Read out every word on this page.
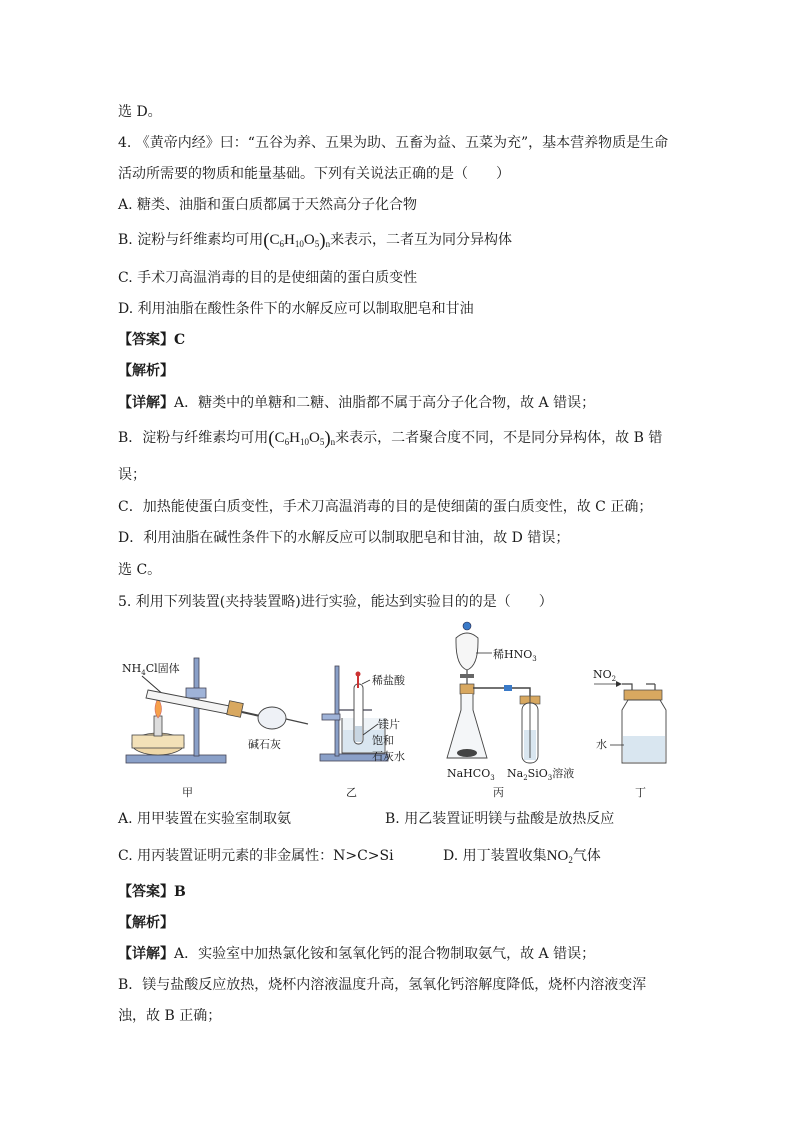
选 D。
4. 《黄帝内经》曰：“五谷为养、五果为助、五畜为益、五菜为充”，基本营养物质是生命
活动所需要的物质和能量基础。下列有关说法正确的是（　　）
A. 糖类、油脂和蛋白质都属于天然高分子化合物
B. 淀粉与纤维素均可用$(C_6H_{10}O_5)_n$来表示，二者互为同分异构体
C. 手术刀高温消毒的目的是使细菌的蛋白质变性
D. 利用油脂在酸性条件下的水解反应可以制取肥皂和甘油
【答案】C
【解析】
【详解】A．糖类中的单糖和二糖、油脂都不属于高分子化合物，故 A 错误；
B．淀粉与纤维素均可用$(C_6H_{10}O_5)_n$来表示，二者聚合度不同，不是同分异构体，故 B 错
误；
C．加热能使蛋白质变性，手术刀高温消毒的目的是使细菌的蛋白质变性，故 C 正确；
D．利用油脂在碱性条件下的水解反应可以制取肥皂和甘油，故 D 错误；
选 C。
5. 利用下列装置(夹持装置略)进行实验，能达到实验目的的是（　　）
$NH_4Cl$固体
碱石灰
甲
稀盐酸
镁片
饱和
石灰水
乙
稀$HNO_3$
NaHCO$_3$ $Na_2SiO_3$溶液
丙
$NO_2$
水
丁
A. 用甲装置在实验室制取氨	B. 用乙装置证明镁与盐酸是放热反应
C. 用丙装置证明元素的非金属性：N>C>Si	D. 用丁装置收集$NO_2$气体
【答案】B
【解析】
【详解】A．实验室中加热氯化铵和氢氧化钙的混合物制取氨气，故 A 错误；
B．镁与盐酸反应放热，烧杯内溶液温度升高，氢氧化钙溶解度降低，烧杯内溶液变浑
浊，故 B 正确；
